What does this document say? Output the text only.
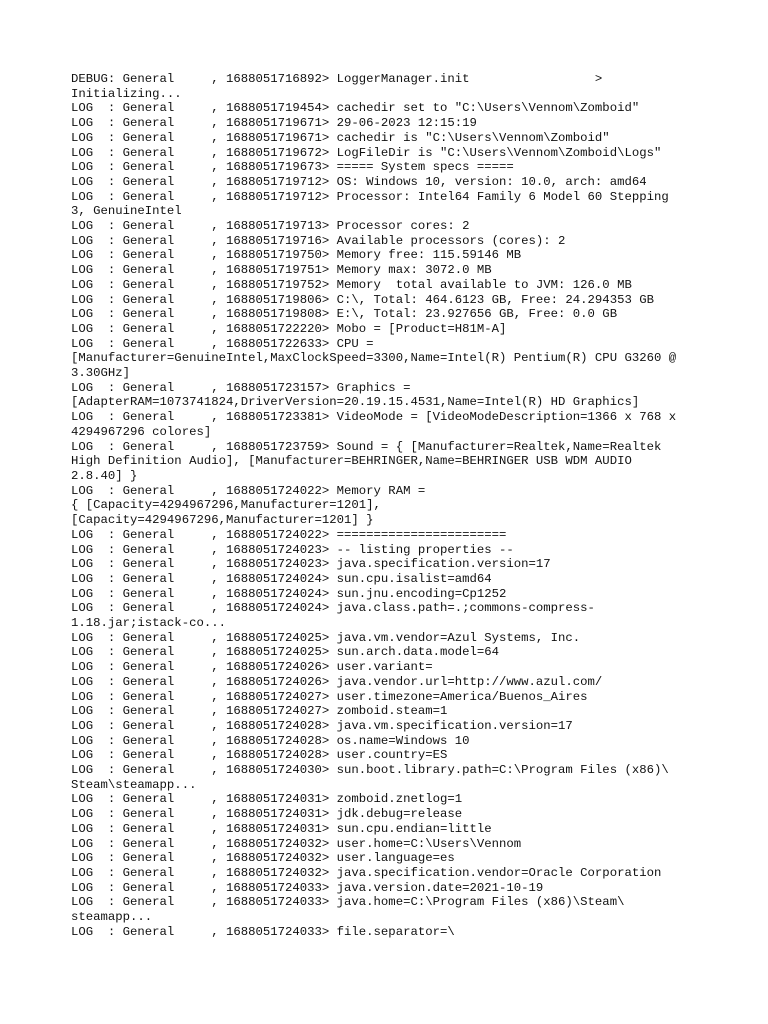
DEBUG: General     , 1688051716892> LoggerManager.init                 >
Initializing...
LOG  : General     , 1688051719454> cachedir set to "C:\Users\Vennom\Zomboid"
LOG  : General     , 1688051719671> 29-06-2023 12:15:19
LOG  : General     , 1688051719671> cachedir is "C:\Users\Vennom\Zomboid"
LOG  : General     , 1688051719672> LogFileDir is "C:\Users\Vennom\Zomboid\Logs"
LOG  : General     , 1688051719673> ===== System specs =====
LOG  : General     , 1688051719712> OS: Windows 10, version: 10.0, arch: amd64
LOG  : General     , 1688051719712> Processor: Intel64 Family 6 Model 60 Stepping
3, GenuineIntel
LOG  : General     , 1688051719713> Processor cores: 2
LOG  : General     , 1688051719716> Available processors (cores): 2
LOG  : General     , 1688051719750> Memory free: 115.59146 MB
LOG  : General     , 1688051719751> Memory max: 3072.0 MB
LOG  : General     , 1688051719752> Memory  total available to JVM: 126.0 MB
LOG  : General     , 1688051719806> C:\, Total: 464.6123 GB, Free: 24.294353 GB
LOG  : General     , 1688051719808> E:\, Total: 23.927656 GB, Free: 0.0 GB
LOG  : General     , 1688051722220> Mobo = [Product=H81M-A]
LOG  : General     , 1688051722633> CPU =
[Manufacturer=GenuineIntel,MaxClockSpeed=3300,Name=Intel(R) Pentium(R) CPU G3260 @
3.30GHz]
LOG  : General     , 1688051723157> Graphics =
[AdapterRAM=1073741824,DriverVersion=20.19.15.4531,Name=Intel(R) HD Graphics]
LOG  : General     , 1688051723381> VideoMode = [VideoModeDescription=1366 x 768 x
4294967296 colores]
LOG  : General     , 1688051723759> Sound = { [Manufacturer=Realtek,Name=Realtek
High Definition Audio], [Manufacturer=BEHRINGER,Name=BEHRINGER USB WDM AUDIO
2.8.40] }
LOG  : General     , 1688051724022> Memory RAM =
{ [Capacity=4294967296,Manufacturer=1201],
[Capacity=4294967296,Manufacturer=1201] }
LOG  : General     , 1688051724022> =======================
LOG  : General     , 1688051724023> -- listing properties --
LOG  : General     , 1688051724023> java.specification.version=17
LOG  : General     , 1688051724024> sun.cpu.isalist=amd64
LOG  : General     , 1688051724024> sun.jnu.encoding=Cp1252
LOG  : General     , 1688051724024> java.class.path=.;commons-compress-
1.18.jar;istack-co...
LOG  : General     , 1688051724025> java.vm.vendor=Azul Systems, Inc.
LOG  : General     , 1688051724025> sun.arch.data.model=64
LOG  : General     , 1688051724026> user.variant=
LOG  : General     , 1688051724026> java.vendor.url=http://www.azul.com/
LOG  : General     , 1688051724027> user.timezone=America/Buenos_Aires
LOG  : General     , 1688051724027> zomboid.steam=1
LOG  : General     , 1688051724028> java.vm.specification.version=17
LOG  : General     , 1688051724028> os.name=Windows 10
LOG  : General     , 1688051724028> user.country=ES
LOG  : General     , 1688051724030> sun.boot.library.path=C:\Program Files (x86)\
Steam\steamapp...
LOG  : General     , 1688051724031> zomboid.znetlog=1
LOG  : General     , 1688051724031> jdk.debug=release
LOG  : General     , 1688051724031> sun.cpu.endian=little
LOG  : General     , 1688051724032> user.home=C:\Users\Vennom
LOG  : General     , 1688051724032> user.language=es
LOG  : General     , 1688051724032> java.specification.vendor=Oracle Corporation
LOG  : General     , 1688051724033> java.version.date=2021-10-19
LOG  : General     , 1688051724033> java.home=C:\Program Files (x86)\Steam\
steamapp...
LOG  : General     , 1688051724033> file.separator=\
